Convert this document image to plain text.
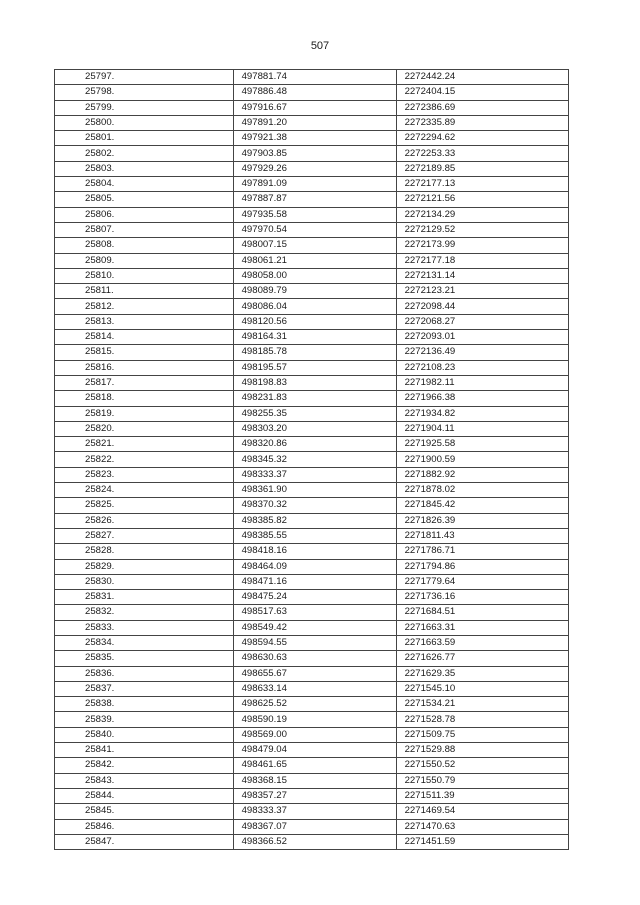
507
25797.	497881.74	2272442.24
25798.	497886.48	2272404.15
25799.	497916.67	2272386.69
25800.	497891.20	2272335.89
25801.	497921.38	2272294.62
25802.	497903.85	2272253.33
25803.	497929.26	2272189.85
25804.	497891.09	2272177.13
25805.	497887.87	2272121.56
25806.	497935.58	2272134.29
25807.	497970.54	2272129.52
25808.	498007.15	2272173.99
25809.	498061.21	2272177.18
25810.	498058.00	2272131.14
25811.	498089.79	2272123.21
25812.	498086.04	2272098.44
25813.	498120.56	2272068.27
25814.	498164.31	2272093.01
25815.	498185.78	2272136.49
25816.	498195.57	2272108.23
25817.	498198.83	2271982.11
25818.	498231.83	2271966.38
25819.	498255.35	2271934.82
25820.	498303.20	2271904.11
25821.	498320.86	2271925.58
25822.	498345.32	2271900.59
25823.	498333.37	2271882.92
25824.	498361.90	2271878.02
25825.	498370.32	2271845.42
25826.	498385.82	2271826.39
25827.	498385.55	2271811.43
25828.	498418.16	2271786.71
25829.	498464.09	2271794.86
25830.	498471.16	2271779.64
25831.	498475.24	2271736.16
25832.	498517.63	2271684.51
25833.	498549.42	2271663.31
25834.	498594.55	2271663.59
25835.	498630.63	2271626.77
25836.	498655.67	2271629.35
25837.	498633.14	2271545.10
25838.	498625.52	2271534.21
25839.	498590.19	2271528.78
25840.	498569.00	2271509.75
25841.	498479.04	2271529.88
25842.	498461.65	2271550.52
25843.	498368.15	2271550.79
25844.	498357.27	2271511.39
25845.	498333.37	2271469.54
25846.	498367.07	2271470.63
25847.	498366.52	2271451.59
